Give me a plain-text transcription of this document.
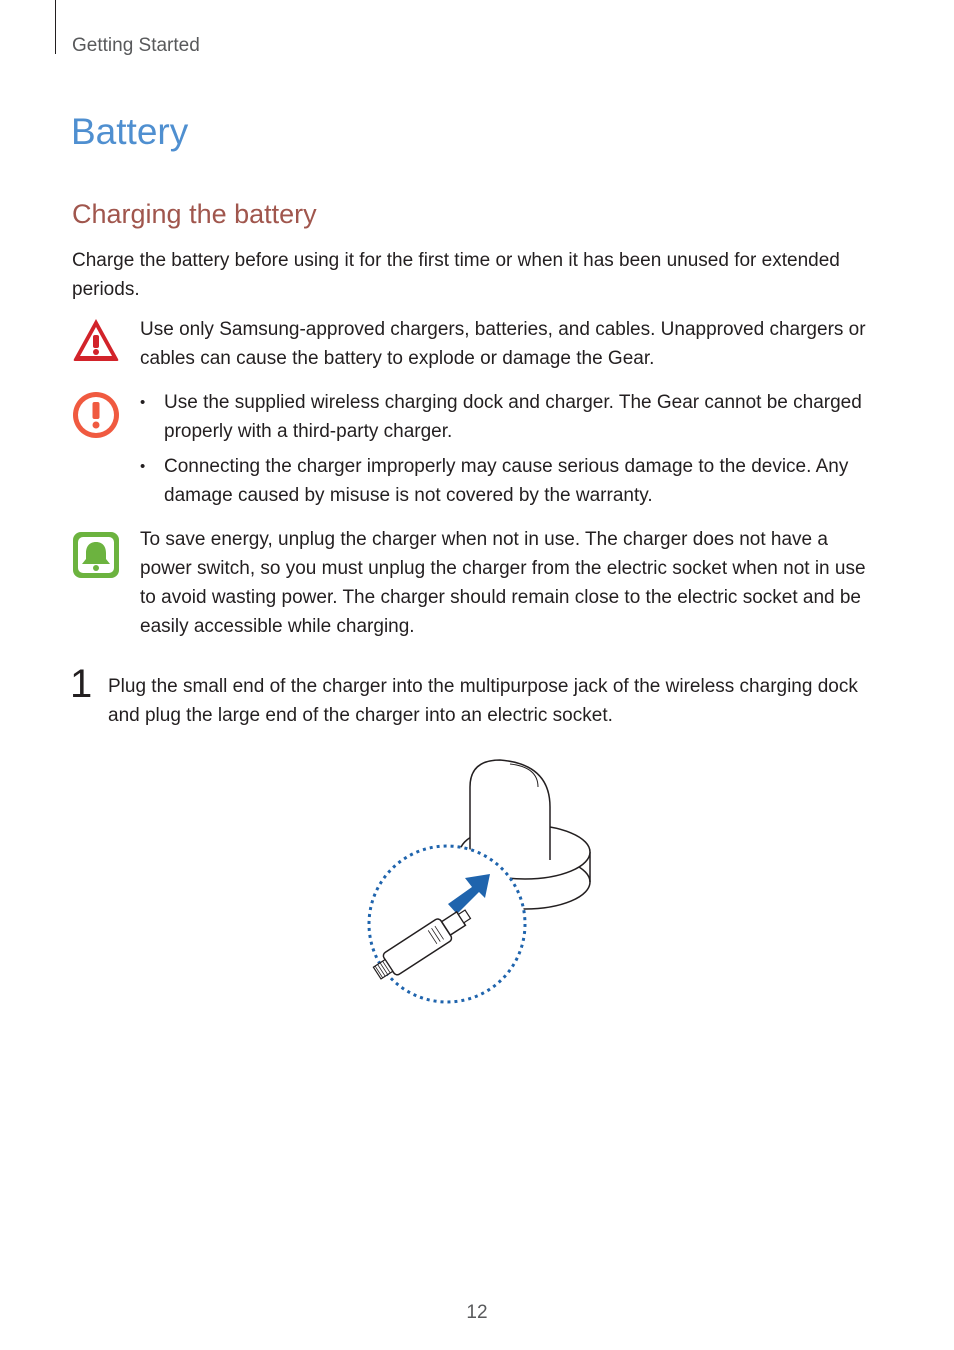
Getting Started
Battery
Charging the battery
Charge the battery before using it for the first time or when it has been unused for extended periods.
Use only Samsung-approved chargers, batteries, and cables. Unapproved chargers or cables can cause the battery to explode or damage the Gear.
• Use the supplied wireless charging dock and charger. The Gear cannot be charged properly with a third-party charger.
• Connecting the charger improperly may cause serious damage to the device. Any damage caused by misuse is not covered by the warranty.
To save energy, unplug the charger when not in use. The charger does not have a power switch, so you must unplug the charger from the electric socket when not in use to avoid wasting power. The charger should remain close to the electric socket and be easily accessible while charging.
1 Plug the small end of the charger into the multipurpose jack of the wireless charging dock and plug the large end of the charger into an electric socket.
12
